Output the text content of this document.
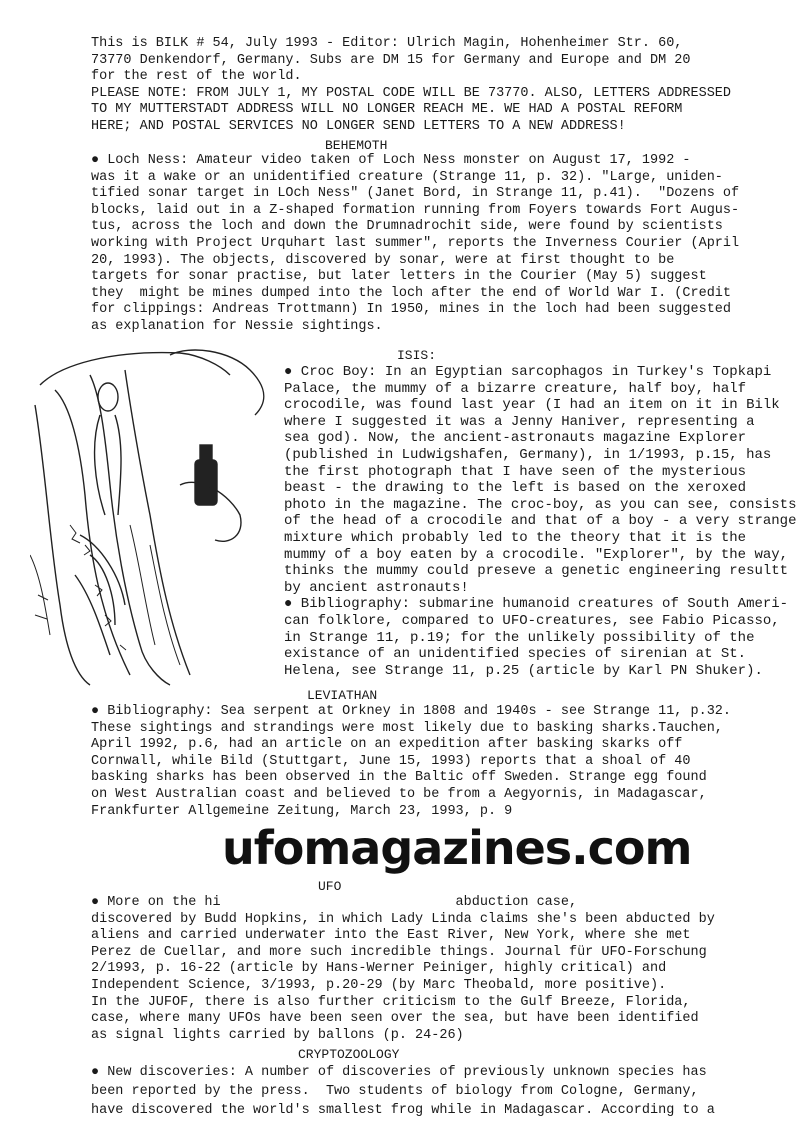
This is BILK # 54, July 1993 - Editor: Ulrich Magin, Hohenheimer Str. 60,
73770 Denkendorf, Germany. Subs are DM 15 for Germany and Europe and DM 20
for the rest of the world.
PLEASE NOTE: FROM JULY 1, MY POSTAL CODE WILL BE 73770. ALSO, LETTERS ADDRESSED
TO MY MUTTERSTADT ADDRESS WILL NO LONGER REACH ME. WE HAD A POSTAL REFORM
HERE; AND POSTAL SERVICES NO LONGER SEND LETTERS TO A NEW ADDRESS!
BEHEMOTH
● Loch Ness: Amateur video taken of Loch Ness monster on August 17, 1992 -
was it a wake or an unidentified creature (Strange 11, p. 32). "Large, uniden-
tified sonar target in LOch Ness" (Janet Bord, in Strange 11, p.41).  "Dozens of
blocks, laid out in a Z-shaped formation running from Foyers towards Fort Augus-
tus, across the loch and down the Drumnadrochit side, were found by scientists
working with Project Urquhart last summer", reports the Inverness Courier (April
20, 1993). The objects, discovered by sonar, were at first thought to be
targets for sonar practise, but later letters in the Courier (May 5) suggest
they  might be mines dumped into the loch after the end of World War I. (Credit
for clippings: Andreas Trottmann) In 1950, mines in the loch had been suggested
as explanation for Nessie sightings.
ISIS:
● Croc Boy: In an Egyptian sarcophagos in Turkey's Topkapi
Palace, the mummy of a bizarre creature, half boy, half
crocodile, was found last year (I had an item on it in Bilk
where I suggested it was a Jenny Haniver, representing a
sea god). Now, the ancient-astronauts magazine Explorer
(published in Ludwigshafen, Germany), in 1/1993, p.15, has
the first photograph that I have seen of the mysterious
beast - the drawing to the left is based on the xeroxed
photo in the magazine. The croc-boy, as you can see, consists
of the head of a crocodile and that of a boy - a very strange
mixture which probably led to the theory that it is the
mummy of a boy eaten by a crocodile. "Explorer", by the way,
thinks the mummy could preseve a genetic engineering resultt
by ancient astronauts!
● Bibliography: submarine humanoid creatures of South Ameri-
can folklore, compared to UFO-creatures, see Fabio Picasso,
in Strange 11, p.19; for the unlikely possibility of the
existance of an unidentified species of sirenian at St.
Helena, see Strange 11, p.25 (article by Karl PN Shuker).
LEVIATHAN
● Bibliography: Sea serpent at Orkney in 1808 and 1940s - see Strange 11, p.32.
These sightings and strandings were most likely due to basking sharks.Tauchen,
April 1992, p.6, had an article on an expedition after basking skarks off
Cornwall, while Bild (Stuttgart, June 15, 1993) reports that a shoal of 40
basking sharks has been observed in the Baltic off Sweden. Strange egg found
on West Australian coast and believed to be from a Aegyornis, in Madagascar,
Frankfurter Allgemeine Zeitung, March 23, 1993, p. 9
ufomagazines.com
UFO
● More on the hi                             abduction case,
discovered by Budd Hopkins, in which Lady Linda claims she's been abducted by
aliens and carried underwater into the East River, New York, where she met
Perez de Cuellar, and more such incredible things. Journal für UFO-Forschung
2/1993, p. 16-22 (article by Hans-Werner Peiniger, highly critical) and
Independent Science, 3/1993, p.20-29 (by Marc Theobald, more positive).
In the JUFOF, there is also further criticism to the Gulf Breeze, Florida,
case, where many UFOs have been seen over the sea, but have been identified
as signal lights carried by ballons (p. 24-26)
CRYPTOZOOLOGY
● New discoveries: A number of discoveries of previously unknown species has
been reported by the press.  Two students of biology from Cologne, Germany,
have discovered the world's smallest frog while in Madagascar. According to a
